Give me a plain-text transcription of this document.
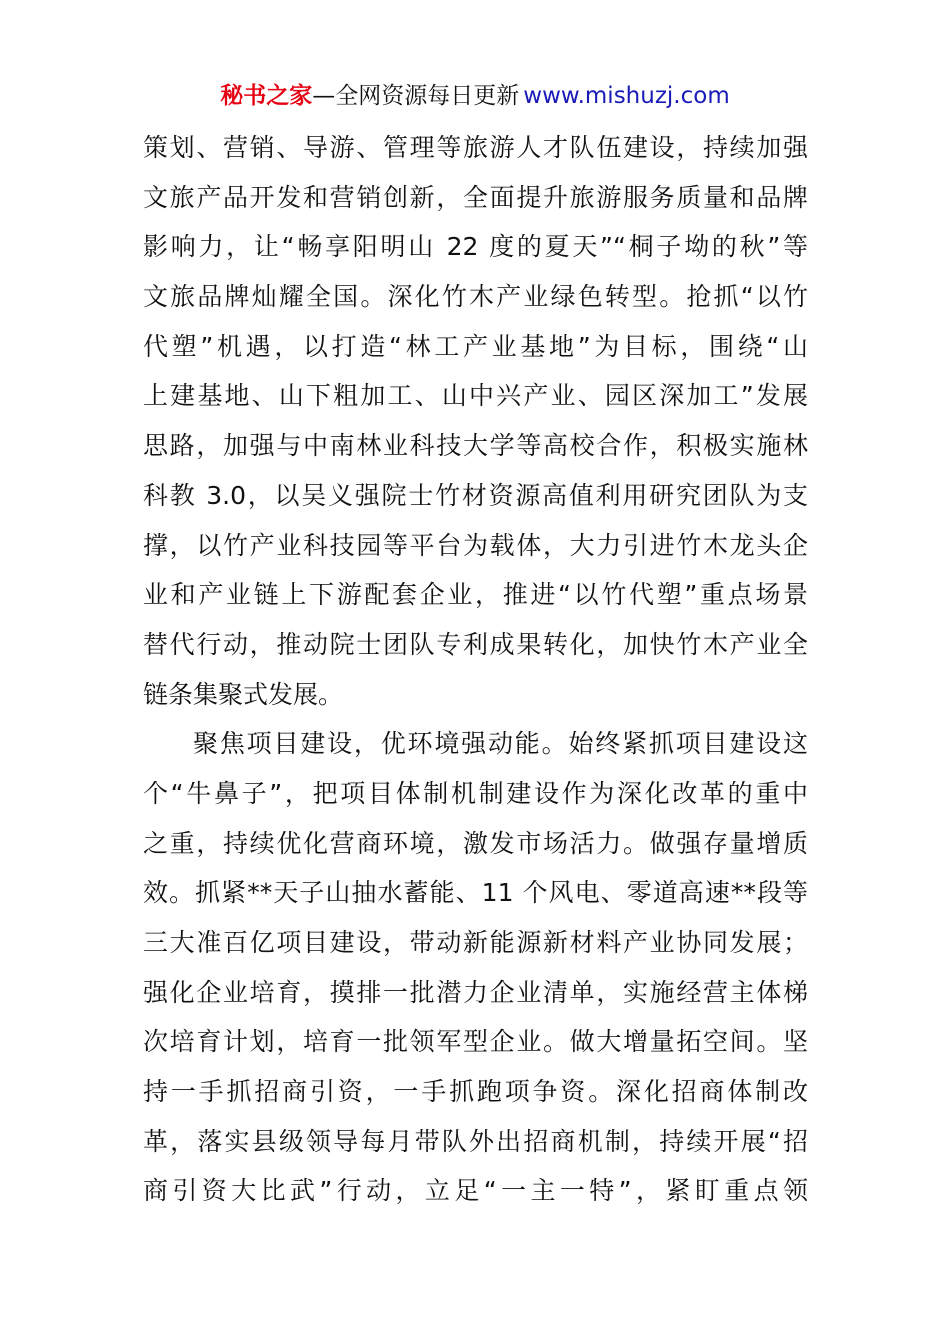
秘书之家—全网资源每日更新 www.mishuzj.com
策划、营销、导游、管理等旅游人才队伍建设，持续加强
文旅产品开发和营销创新，全面提升旅游服务质量和品牌
影响力，让“畅享阳明山 22 度的夏天”“桐子坳的秋”等
文旅品牌灿耀全国。深化竹木产业绿色转型。抢抓“以竹
代塑”机遇，以打造“林工产业基地”为目标，围绕“山
上建基地、山下粗加工、山中兴产业、园区深加工”发展
思路，加强与中南林业科技大学等高校合作，积极实施林
科教 3.0，以吴义强院士竹材资源高值利用研究团队为支
撑，以竹产业科技园等平台为载体，大力引进竹木龙头企
业和产业链上下游配套企业，推进“以竹代塑”重点场景
替代行动，推动院士团队专利成果转化，加快竹木产业全
链条集聚式发展。
聚焦项目建设，优环境强动能。始终紧抓项目建设这
个“牛鼻子”，把项目体制机制建设作为深化改革的重中
之重，持续优化营商环境，激发市场活力。做强存量增质
效。抓紧**天子山抽水蓄能、11 个风电、零道高速**段等
三大准百亿项目建设，带动新能源新材料产业协同发展；
强化企业培育，摸排一批潜力企业清单，实施经营主体梯
次培育计划，培育一批领军型企业。做大增量拓空间。坚
持一手抓招商引资，一手抓跑项争资。深化招商体制改
革，落实县级领导每月带队外出招商机制，持续开展“招
商引资大比武”行动，立足“一主一特”，紧盯重点领
